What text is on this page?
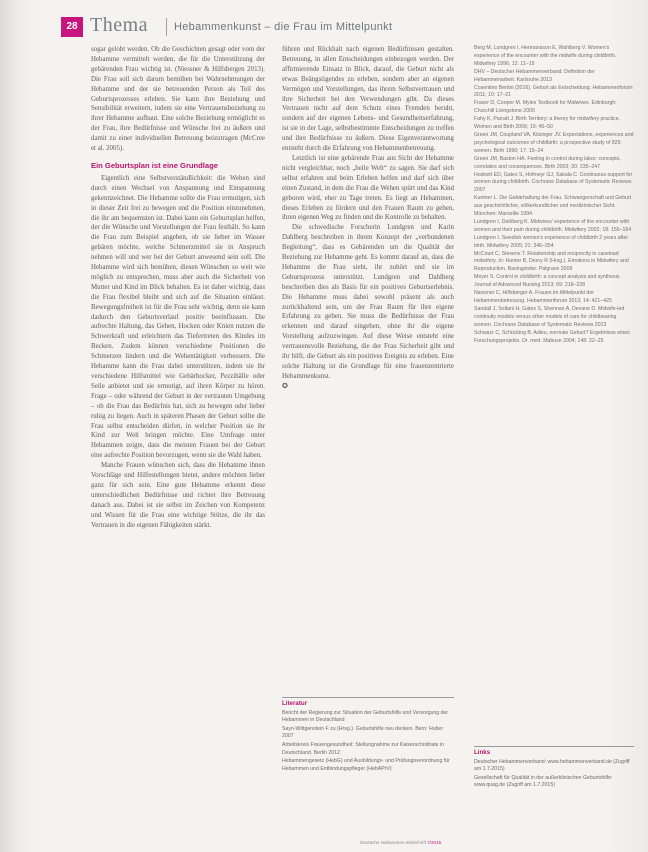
28 Thema Hebammenkunst – die Frau im Mittelpunkt

sogar gelobt werden. Ob die Geschichten gesagt oder vom der Hebamme vermittelt werden, die für die Unterstützung der gebärenden Frau wichtig ist. (Niessner & Hilfsbergen 2013). Die Frau soll sich darum bemühen bei Wahrnehmungen der Hebamme und der sie betreuenden Person als Teil des Geburtsprozesses erleben. Sie kann ihre Beziehung und Sensibilität erweitern, indem sie eine Vertrauensbeziehung zu ihrer Hebamme aufbaut. Eine solche Beziehung ermöglicht es der Frau, ihre Bedürfnisse und Wünsche frei zu äußern und damit zu einer individuellen Betreuung beizutragen (McCree et al. 2005).

Ein Geburtsplan ist eine Grundlage

Eigentlich eine Selbstverständlichkeit: die Wehen sind durch einen Wechsel von Anspannung und Entspannung gekennzeichnet. Die Hebamme sollte die Frau ermutigen, sich in dieser Zeit frei zu bewegen und die Position einzunehmen, die ihr am bequemsten ist. Dabei kann ein Geburtsplan helfen, der die Wünsche und Vorstellungen der Frau festhält. So kann die Frau zum Beispiel angeben, ob sie lieber im Wasser gebären möchte, welche Schmerzmittel sie in Anspruch nehmen will und wer bei der Geburt anwesend sein soll. Die Hebamme wird sich bemühen, diesen Wünschen so weit wie möglich zu entsprechen, muss aber auch die Sicherheit von Mutter und Kind im Blick behalten. Es ist daher wichtig, dass die Frau flexibel bleibt und sich auf die Situation einlässt. Bewegungsfreiheit ist für die Frau sehr wichtig, denn sie kann dadurch den Geburtsverlauf positiv beeinflussen. Die aufrechte Haltung, das Gehen, Hocken oder Knien nutzen die Schwerkraft und erleichtern das Tiefertreten des Kindes im Becken. Zudem können verschiedene Positionen die Schmerzen lindern und die Wehentätigkeit verbessern. Die Hebamme kann die Frau dabei unterstützen, indem sie ihr verschiedene Hilfsmittel wie Gebärhocker, Pezzibälle oder Seile anbietet und sie ermutigt, auf ihren Körper zu hören. Frage – oder während der Geburt in der vertrauten Umgebung – ob die Frau das Bedürfnis hat, sich zu bewegen oder lieber ruhig zu liegen. Auch in späteren Phasen der Geburt sollte die Frau selbst entscheiden dürfen, in welcher Position sie ihr Kind zur Welt bringen möchte. Eine Umfrage unter Hebammen zeigte, dass die meisten Frauen bei der Geburt eine aufrechte Position bevorzugen, wenn sie die Wahl haben.

Manche Frauen wünschen sich, dass die Hebamme ihnen Vorschläge und Hilfestellungen bietet, andere möchten lieber ganz für sich sein. Eine gute Hebamme erkennt diese unterschiedlichen Bedürfnisse und richtet ihre Betreuung danach aus. Dabei ist sie selbst im Zeichen von Kompetenz und Wissen für die Frau eine wichtige Stütze, die ihr das Vertrauen in die eigenen Fähigkeiten stärkt.

führen und Rückhalt nach eigenen Bedürfnissen gestalten. Betreuung, in allen Entscheidungen einbezogen werden. Der affirmierende Einsatz in Blick, darauf, die Geburt nicht als etwas Beängstigendes zu erleben, sondern aber an eigenen Vermögen und Vorstellungen, das ihrem Selbstvertrauen und ihre Sicherheit bei den Verwendungen gibt. Da dieses Vertrauen nicht auf dem Schutz eines Fremden beruht, sondern auf der eigenen Lebens- und Gesundheitserfahrung, ist sie in der Lage, selbstbestimmte Entscheidungen zu treffen und ihre Bedürfnisse zu äußern. Diese Eigenverantwortung entsteht durch die Erfahrung von Hebammenbetreuung.

Letztlich ist eine gebärende Frau aus Sicht der Hebamme nicht vergleichbar, noch „heile Welt“ zu sagen. Sie darf sich selbst erfahren und beim Erleben helfen und darf sich über einen Zustand, in dem die Frau die Wehen spürt und das Kind geboren wird, eher zu Tage treten. Es liegt an Hebammen, dieses Erleben zu fördern und den Frauen Raum zu geben, ihren eigenen Weg zu finden und die Kontrolle zu behalten.

Die schwedische Forscherin Lundgren und Karin Dahlberg beschreiben in ihrem Konzept der „verbundenen Begleitung“, dass es Gebärenden um die Qualität der Beziehung zur Hebamme geht. Es kommt darauf an, dass die Hebamme die Frau sieht, ihr zuhört und sie im Geburtsprozess unterstützt. Lundgren und Dahlberg beschreiben dies als Basis für ein positives Geburtserlebnis. Die Hebamme muss dabei sowohl präsent als auch zurückhaltend sein, um der Frau Raum für ihre eigene Erfahrung zu geben. Sie muss die Bedürfnisse der Frau erkennen und darauf eingehen, ohne ihr die eigene Vorstellung aufzuzwingen. Auf diese Weise entsteht eine vertrauensvolle Beziehung, die der Frau Sicherheit gibt und ihr hilft, die Geburt als ein positives Ereignis zu erleben. Eine solche Haltung ist die Grundlage für eine frauenzentrierte Hebammenkunst.

✪

Berg M, Lundgren I, Hermansson E, Wahlberg V. Women's experience of the encounter with the midwife during childbirth. Midwifery 1996; 12: 11–15

DHV – Deutscher Hebammenverband: Definition der Hebammenarbeit. Karlsruhe 2013

Cosentino Bertini (2016). Geburt als Entscheidung. Hebammenforum 2011; 10: 17–21

Fraser D, Cooper M. Myles Textbook for Midwives. Edinburgh: Churchill Livingstone 2009

Fahy K, Parratt J. Birth Territory: a theory for midwifery practice. Women and Birth 2006; 19: 45–50

Green JM, Coupland VA, Kitzinger JV. Expectations, experiences and psychological outcomes of childbirth: a prospective study of 825 women. Birth 1990; 17: 15–24

Green JM, Baston HA. Feeling in control during labor: concepts, correlates and consequences. Birth 2003; 30: 235–247

Hodnett ED, Gates S, Hofmeyr GJ, Sakala C. Continuous support for women during childbirth. Cochrane Database of Systematic Reviews 2007

Kuntner L. Die Gebärhaltung der Frau. Schwangerschaft und Geburt aus geschichtlicher, völkerkundlicher und medizinischer Sicht. München: Marseille 1994

Lundgren I, Dahlberg K. Midwives' experience of the encounter with women and their pain during childbirth. Midwifery 2002; 18: 155–164

Lundgren I. Swedish women's experience of childbirth 2 years after birth. Midwifery 2005; 21: 346–354

McCourt C, Stevens T. Relationship and reciprocity in caseload midwifery. In: Hunter B, Deery R (Hrsg.). Emotions in Midwifery and Reproduction. Basingstoke: Palgrave 2009

Meyer S. Control in childbirth: a concept analysis and synthesis. Journal of Advanced Nursing 2013; 69: 218–228

Niessner C, Hilfsberger A. Frauen im Mittelpunkt der Hebammenbetreuung. Hebammenforum 2013; 14: 421–425

Sandall J, Soltani H, Gates S, Shennan A, Devane D. Midwife-led continuity models versus other models of care for childbearing women. Cochrane Database of Systematic Reviews 2013

Schwarz C, Schücking B. Adieu, normale Geburt? Ergebnisse eines Forschungsprojekts. Dr. med. Mabuse 2004; 148: 22–25

Literatur

Bericht der Regierung zur Situation der Geburtshilfe und Versorgung der Hebammen in Deutschland

Sayn-Wittgenstein F zu (Hrsg.). Geburtshilfe neu denken. Bern: Huber 2007

Arbeitskreis Frauengesundheit: Stellungnahme zur Kaiserschnittrate in Deutschland. Berlin 2012

Hebammengesetz (HebG) und Ausbildungs- und Prüfungsverordnung für Hebammen und Entbindungspfleger (HebAPrV)

Links

Deutscher Hebammenverband: www.hebammenverband.de (Zugriff am 1.7.2015)

Gesellschaft für Qualität in der außerklinischen Geburtshilfe: www.quag.de (Zugriff am 1.7.2015)

Deutsche Hebammen-Zeitschrift 7/2015
